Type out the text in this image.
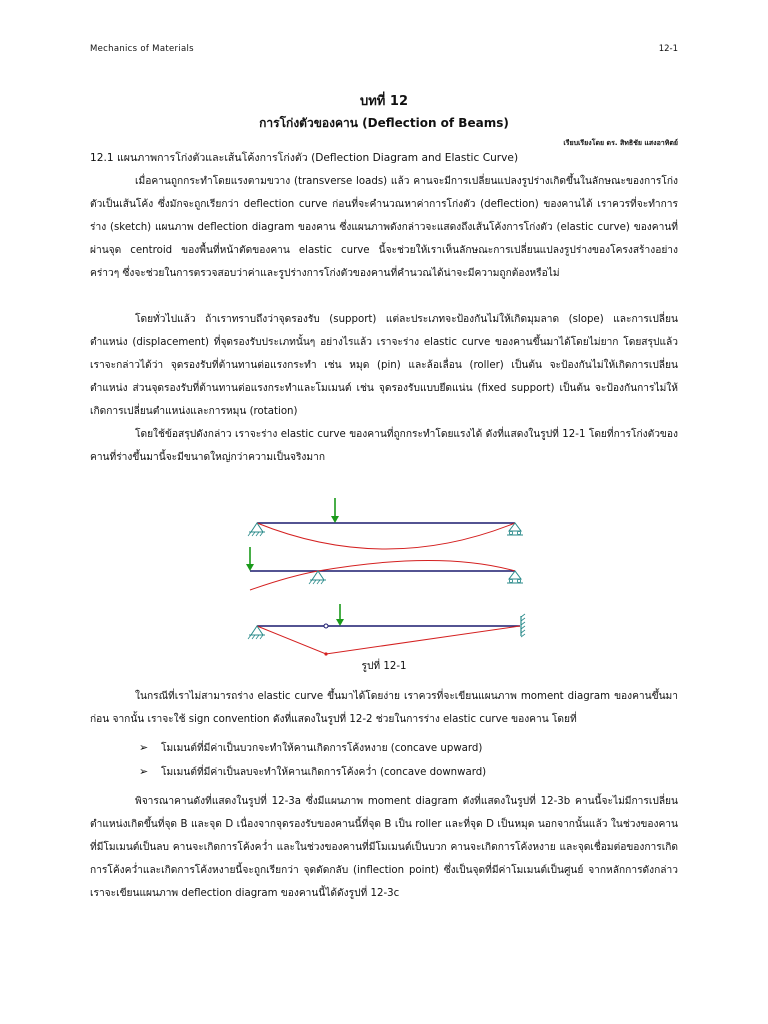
Mechanics of Materials	12-1
บทที่ 12
การโก่งตัวของคาน (Deflection of Beams)
เรียบเรียงโดย ดร. สิทธิชัย แสงอาทิตย์
12.1 แผนภาพการโก่งตัวและเส้นโค้งการโก่งตัว (Deflection Diagram and Elastic Curve)

เมื่อคานถูกกระทำโดยแรงตามขวาง (transverse loads) แล้ว คานจะมีการเปลี่ยนแปลงรูปร่างเกิดขึ้นในลักษณะของการโก่งตัวเป็นเส้นโค้ง ซึ่งมักจะถูกเรียกว่า deflection curve ก่อนที่จะคำนวณหาค่าการโก่งตัว (deflection) ของคานได้ เราควรที่จะทำการร่าง (sketch) แผนภาพ deflection diagram ของคาน ซึ่งแผนภาพดังกล่าวจะแสดงถึงเส้นโค้งการโก่งตัว (elastic curve) ของคานที่ผ่านจุด centroid ของพื้นที่หน้าตัดของคาน elastic curve นี้จะช่วยให้เราเห็นลักษณะการเปลี่ยนแปลงรูปร่างของโครงสร้างอย่างคร่าวๆ ซึ่งจะช่วยในการตรวจสอบว่าค่าและรูปร่างการโก่งตัวของคานที่คำนวณได้น่าจะมีความถูกต้องหรือไม่

โดยทั่วไปแล้ว ถ้าเราทราบถึงว่าจุดรองรับ (support) แต่ละประเภทจะป้องกันไม่ให้เกิดมุมลาด (slope) และการเปลี่ยนตำแหน่ง (displacement) ที่จุดรองรับประเภทนั้นๆ อย่างไรแล้ว เราจะร่าง elastic curve ของคานขึ้นมาได้โดยไม่ยาก โดยสรุปแล้ว เราจะกล่าวได้ว่า จุดรองรับที่ต้านทานต่อแรงกระทำ เช่น หมุด (pin) และล้อเลื่อน (roller) เป็นต้น จะป้องกันไม่ให้เกิดการเปลี่ยนตำแหน่ง ส่วนจุดรองรับที่ต้านทานต่อแรงกระทำและโมเมนต์ เช่น จุดรองรับแบบยึดแน่น (fixed support) เป็นต้น จะป้องกันการไม่ให้เกิดการเปลี่ยนตำแหน่งและการหมุน (rotation)

โดยใช้ข้อสรุปดังกล่าว เราจะร่าง elastic curve ของคานที่ถูกกระทำโดยแรงได้ ดังที่แสดงในรูปที่ 12-1 โดยที่การโก่งตัวของคานที่ร่างขึ้นมานี้จะมีขนาดใหญ่กว่าความเป็นจริงมาก

รูปที่ 12-1

ในกรณีที่เราไม่สามารถร่าง elastic curve ขึ้นมาได้โดยง่าย เราควรที่จะเขียนแผนภาพ moment diagram ของคานขึ้นมาก่อน จากนั้น เราจะใช้ sign convention ดังที่แสดงในรูปที่ 12-2 ช่วยในการร่าง elastic curve ของคาน โดยที่

➢ โมเมนต์ที่มีค่าเป็นบวกจะทำให้คานเกิดการโค้งหงาย (concave upward)
➢ โมเมนต์ที่มีค่าเป็นลบจะทำให้คานเกิดการโค้งคว่ำ (concave downward)

พิจารณาคานดังที่แสดงในรูปที่ 12-3a ซึ่งมีแผนภาพ moment diagram ดังที่แสดงในรูปที่ 12-3b คานนี้จะไม่มีการเปลี่ยนตำแหน่งเกิดขึ้นที่จุด B และจุด D เนื่องจากจุดรองรับของคานนี้ที่จุด B เป็น roller และที่จุด D เป็นหมุด นอกจากนั้นแล้ว ในช่วงของคานที่มีโมเมนต์เป็นลบ คานจะเกิดการโค้งคว่ำ และในช่วงของคานที่มีโมเมนต์เป็นบวก คานจะเกิดการโค้งหงาย และจุดเชื่อมต่อของการเกิดการโค้งคว่ำและเกิดการโค้งหงายนี้จะถูกเรียกว่า จุดดัดกลับ (inflection point) ซึ่งเป็นจุดที่มีค่าโมเมนต์เป็นศูนย์ จากหลักการดังกล่าว เราจะเขียนแผนภาพ deflection diagram ของคานนี้ได้ดังรูปที่ 12-3c
